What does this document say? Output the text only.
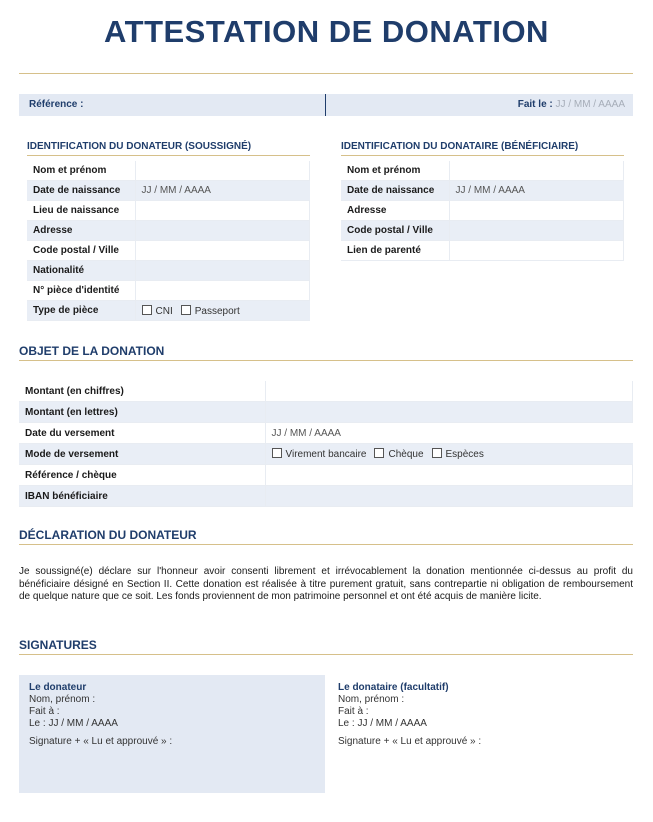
ATTESTATION DE DONATION
Référence :	Fait le : JJ / MM / AAAA
IDENTIFICATION DU DONATEUR (SOUSSIGNÉ)
Nom et prénom	
Date de naissance	JJ / MM / AAAA
Lieu de naissance	
Adresse	
Code postal / Ville	
Nationalité	
N° pièce d'identité	
Type de pièce	CNI Passeport
IDENTIFICATION DU DONATAIRE (BÉNÉFICIAIRE)
Nom et prénom	
Date de naissance	JJ / MM / AAAA
Adresse	
Code postal / Ville	
Lien de parenté	
OBJET DE LA DONATION
Montant (en chiffres)	
Montant (en lettres)	
Date du versement	JJ / MM / AAAA
Mode de versement	Virement bancaire Chèque Espèces
Référence / chèque	
IBAN bénéficiaire	
DÉCLARATION DU DONATEUR
Je soussigné(e) déclare sur l'honneur avoir consenti librement et irrévocablement la donation mentionnée ci-dessus au profit du bénéficiaire désigné en Section II. Cette donation est réalisée à titre purement gratuit, sans contrepartie ni obligation de remboursement de quelque nature que ce soit. Les fonds proviennent de mon patrimoine personnel et ont été acquis de manière licite.
SIGNATURES
Le donateur
Nom, prénom :
Fait à :
Le : JJ / MM / AAAA
Signature + « Lu et approuvé » :
Le donataire (facultatif)
Nom, prénom :
Fait à :
Le : JJ / MM / AAAA
Signature + « Lu et approuvé » :
